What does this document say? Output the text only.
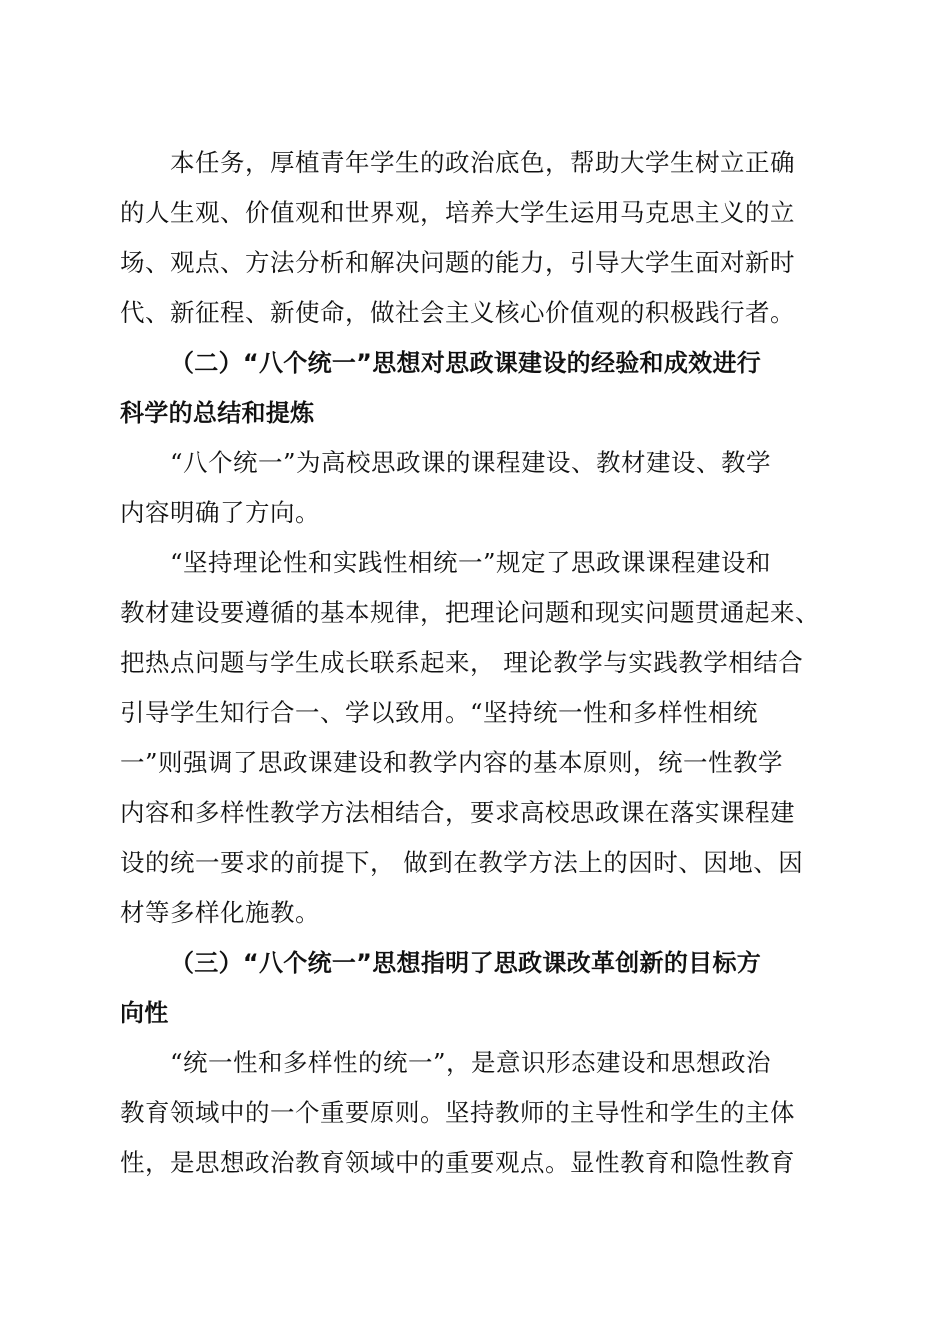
本任务，厚植青年学生的政治底色，帮助大学生树立正确
的人生观、价值观和世界观，培养大学生运用马克思主义的立
场、观点、方法分析和解决问题的能力，引导大学生面对新时
代、新征程、新使命，做社会主义核心价值观的积极践行者。
（二）“八个统一”思想对思政课建设的经验和成效进行
科学的总结和提炼
“八个统一”为高校思政课的课程建设、教材建设、教学
内容明确了方向。
“坚持理论性和实践性相统一”规定了思政课课程建设和
教材建设要遵循的基本规律，把理论问题和现实问题贯通起来、
把热点问题与学生成长联系起来， 理论教学与实践教学相结合
引导学生知行合一、学以致用。“坚持统一性和多样性相统
一”则强调了思政课建设和教学内容的基本原则，统一性教学
内容和多样性教学方法相结合，要求高校思政课在落实课程建
设的统一要求的前提下， 做到在教学方法上的因时、因地、因
材等多样化施教。
（三）“八个统一”思想指明了思政课改革创新的目标方
向性
“统一性和多样性的统一”，是意识形态建设和思想政治
教育领域中的一个重要原则。坚持教师的主导性和学生的主体
性，是思想政治教育领域中的重要观点。显性教育和隐性教育
